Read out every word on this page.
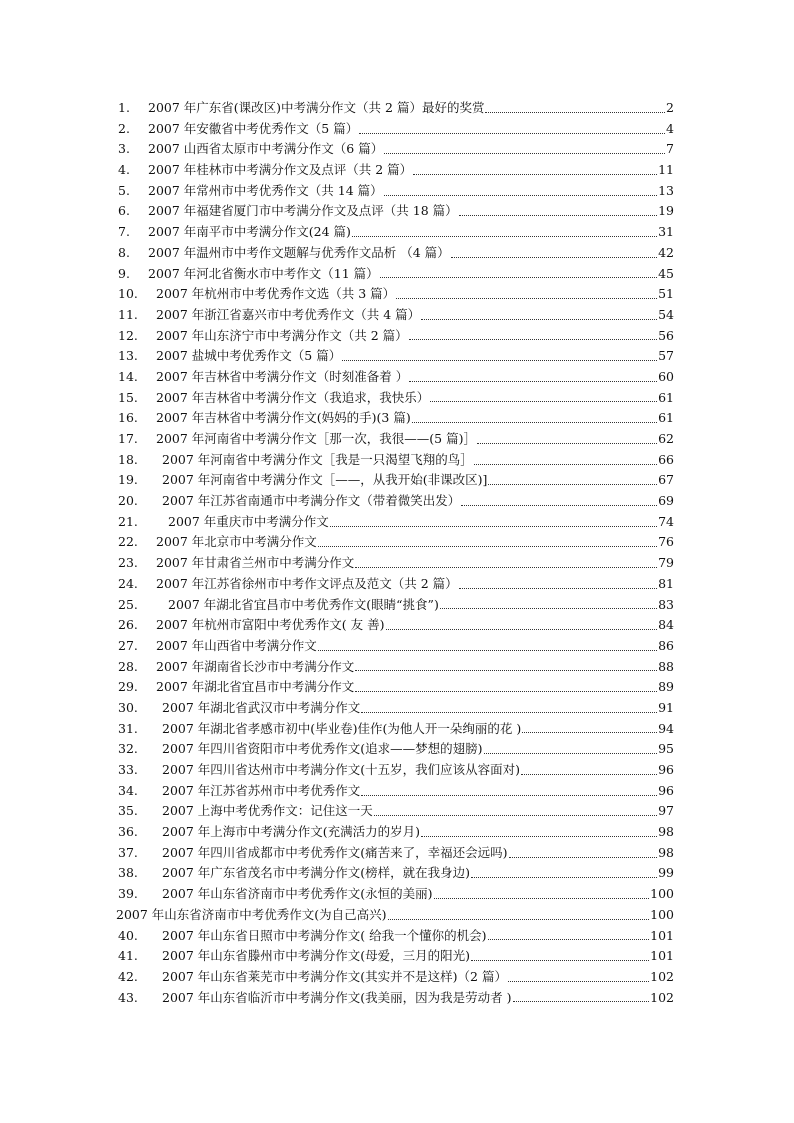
1.	2007 年广东省(课改区)中考满分作文（共 2 篇）最好的奖赏	2
2.	2007 年安徽省中考优秀作文（5 篇）	4
3.	2007 山西省太原市中考满分作文（6 篇）	7
4.	2007 年桂林市中考满分作文及点评（共 2 篇）	11
5.	2007 年常州市中考优秀作文（共 14 篇）	13
6.	2007 年福建省厦门市中考满分作文及点评（共 18 篇）	19
7.	2007 年南平市中考满分作文(24 篇)	31
8.	2007 年温州市中考作文题解与优秀作文品析 （4 篇）	42
9.	2007 年河北省衡水市中考作文（11 篇）	45
10.	2007 年杭州市中考优秀作文选（共 3 篇）	51
11.	2007 年浙江省嘉兴市中考优秀作文（共 4 篇）	54
12.	2007 年山东济宁市中考满分作文（共 2 篇）	56
13.	2007 盐城中考优秀作文（5 篇）	57
14.	2007 年吉林省中考满分作文（时刻准备着 ）	60
15.	2007 年吉林省中考满分作文（我追求，我快乐）	61
16.	2007 年吉林省中考满分作文(妈妈的手)(3 篇)	61
17.	2007 年河南省中考满分作文［那一次，我很——(5 篇)］	62
18.	2007 年河南省中考满分作文［我是一只渴望飞翔的鸟］	66
19.	2007 年河南省中考满分作文［——，从我开始(非课改区)]	67
20.	2007 年江苏省南通市中考满分作文（带着微笑出发）	69
21.	2007 年重庆市中考满分作文	74
22.	2007 年北京市中考满分作文	76
23.	2007 年甘肃省兰州市中考满分作文	79
24.	2007 年江苏省徐州市中考作文评点及范文（共 2 篇）	81
25.	2007 年湖北省宜昌市中考优秀作文(眼睛“挑食”)	83
26.	2007 年杭州市富阳中考优秀作文( 友 善)	84
27.	2007 年山西省中考满分作文	86
28.	2007 年湖南省长沙市中考满分作文	88
29.	2007 年湖北省宜昌市中考满分作文	89
30.	2007 年湖北省武汉市中考满分作文	91
31.	2007 年湖北省孝感市初中(毕业卷)佳作(为他人开一朵绚丽的花 )	94
32.	2007 年四川省资阳市中考优秀作文(追求——梦想的翅膀)	95
33.	2007 年四川省达州市中考满分作文(十五岁，我们应该从容面对)	96
34.	2007 年江苏省苏州市中考优秀作文	96
35.	2007 上海中考优秀作文：记住这一天	97
36.	2007 年上海市中考满分作文(充满活力的岁月)	98
37.	2007 年四川省成都市中考优秀作文(痛苦来了，幸福还会远吗)	98
38.	2007 年广东省茂名市中考满分作文(榜样，就在我身边)	99
39.	2007 年山东省济南市中考优秀作文(永恒的美丽)	100
2007 年山东省济南市中考优秀作文(为自己高兴)	100
40.	2007 年山东省日照市中考满分作文( 给我一个懂你的机会)	101
41.	2007 年山东省滕州市中考满分作文(母爱，三月的阳光)	101
42.	2007 年山东省莱芜市中考满分作文(其实并不是这样)（2 篇）	102
43.	2007 年山东省临沂市中考满分作文(我美丽，因为我是劳动者 )	102
